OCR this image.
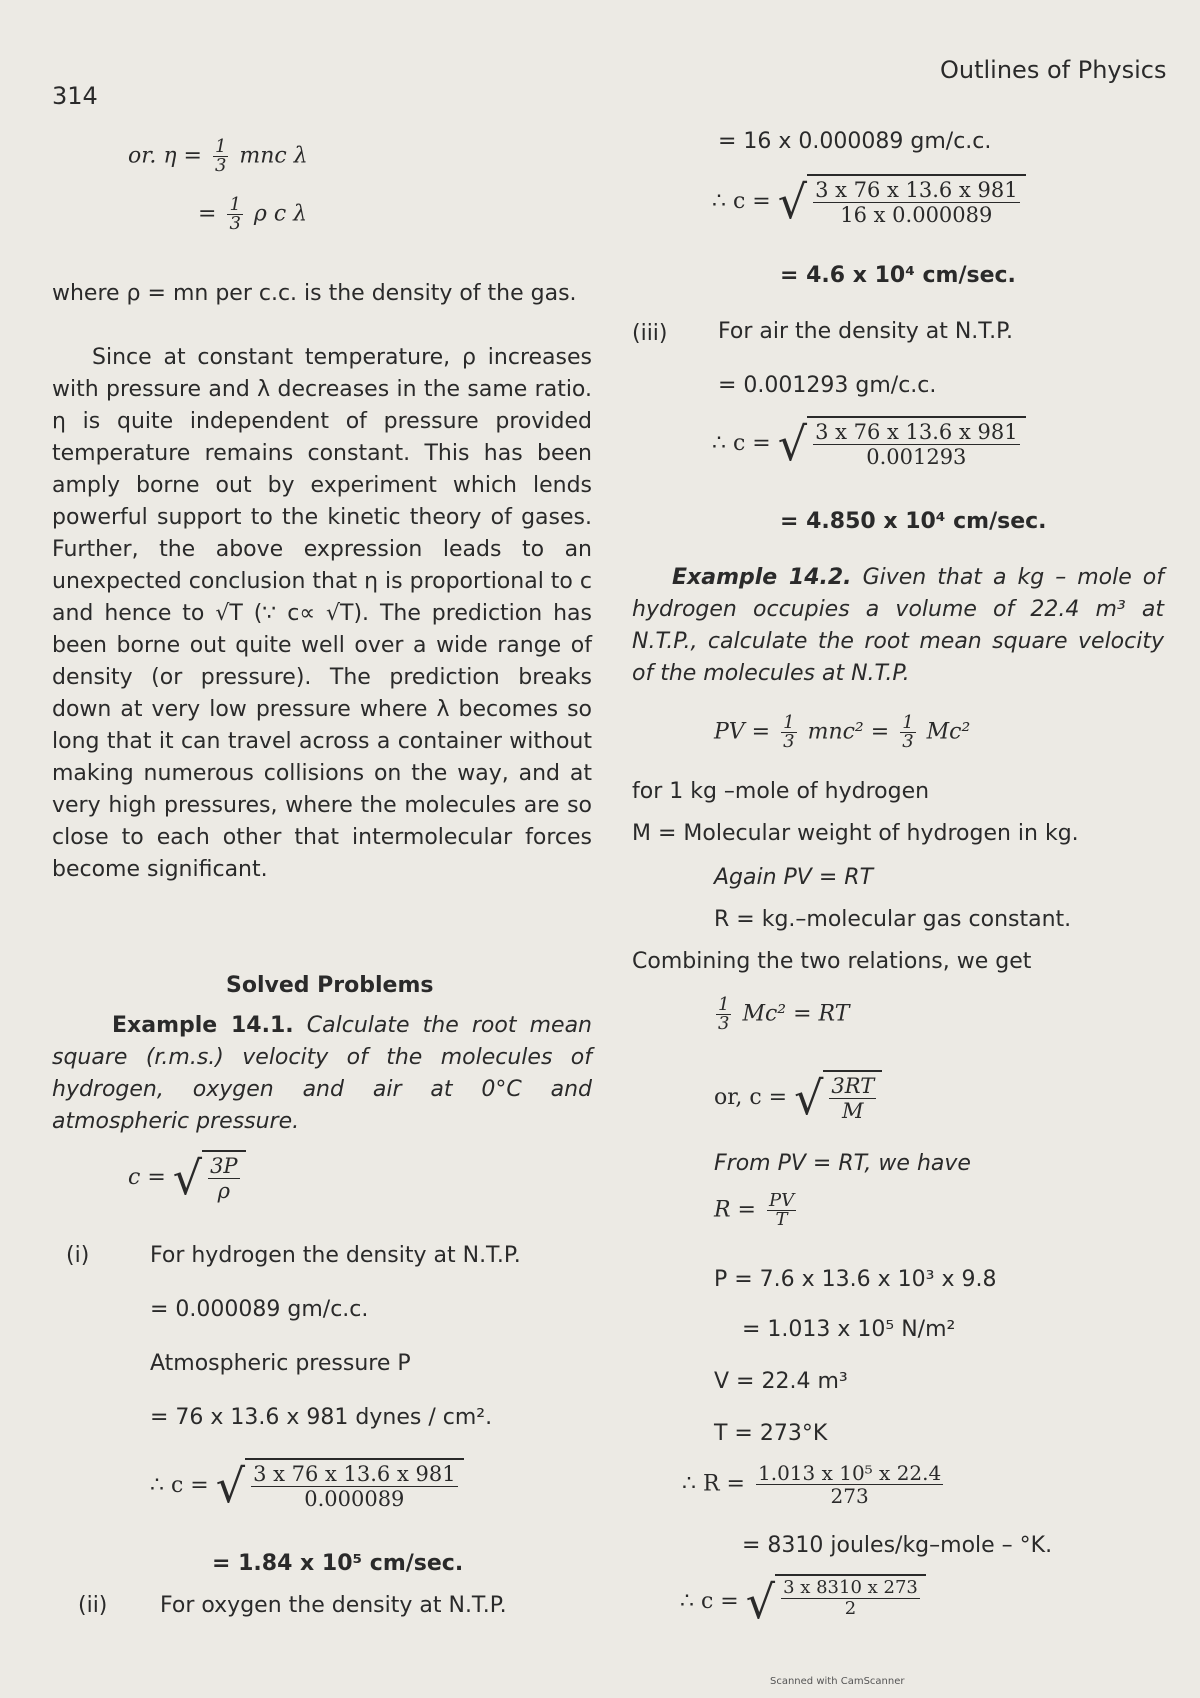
314
Outlines of Physics
or. $\eta = \frac{1}{3}$ mnc λ
= $\frac{1}{3}$ ρ c λ
where ρ = mn per c.c. is the density of the gas.
Since at constant temperature, ρ increases with pressure and λ decreases in the same ratio. η is quite independent of pressure provided temperature remains constant. This has been amply borne out by experiment which lends powerful support to the kinetic theory of gases. Further, the above expression leads to an unexpected conclusion that η is proportional to c and hence to √T (∵ c∝ √T). The prediction has been borne out quite well over a wide range of density (or pressure). The prediction breaks down at very low pressure where λ becomes so long that it can travel across a container without making numerous collisions on the way, and at very high pressures, where the molecules are so close to each other that intermolecular forces become significant.
Solved Problems
Example 14.1. Calculate the root mean square (r.m.s.) velocity of the molecules of hydrogen, oxygen and air at 0°C and atmospheric pressure.
c = √ $\frac{3P}{\rho}$
(i)	For hydrogen the density at N.T.P.
= 0.000089 gm/c.c.
Atmospheric pressure P
= 76 x 13.6 x 981 dynes / cm².
∴ c = √ $\frac{3 x 76 x 13.6 x 981}{0.000089}$
= 1.84 x 10⁵ cm/sec.
(ii) For oxygen the density at N.T.P.
= 16 x 0.000089 gm/c.c.
∴ c = √ $\frac{3 x 76 x 13.6 x 981}{16 x 0.000089}$
= 4.6 x 10⁴ cm/sec.
(iii) For air the density at N.T.P.
= 0.001293 gm/c.c.
∴ c = √ $\frac{3 x 76 x 13.6 x 981}{0.001293}$
= 4.850 x 10⁴ cm/sec.
Example 14.2. Given that a kg – mole of hydrogen occupies a volume of 22.4 m³ at N.T.P., calculate the root mean square velocity of the molecules at N.T.P.
PV = $\frac{1}{3} mnc^2 = \frac{1}{3} Mc^2$
for 1 kg –mole of hydrogen
M = Molecular weight of hydrogen in kg.
Again PV = RT
R = kg.–molecular gas constant.
Combining the two relations, we get
$\frac{1}{3} Mc^2$ = RT
or, c = √ $\frac{3RT}{M}$
From PV = RT, we have
$R = \frac{PV}{T}$
P = 7.6 x 13.6 x 10³ x 9.8
= 1.013 x 10⁵ N/m²
V = 22.4 m³
T = 273°K
∴ $R = \frac{\text{1.013 x 10⁵ x 22.4}}{273}$
= 8310 joules/kg–mole – °K.
∴ c = √ $\frac{3 x 8310 x 273}{2}$
Scanned with CamScanner
